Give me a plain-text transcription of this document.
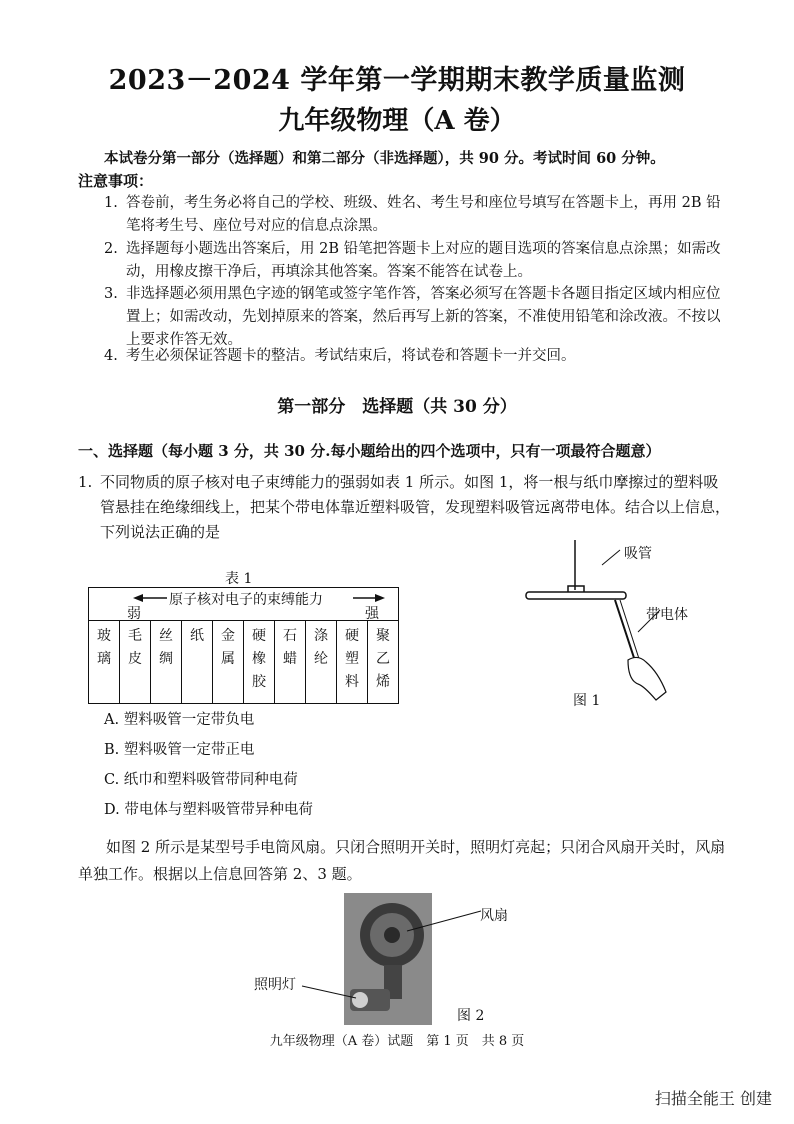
2023－2024 学年第一学期期末教学质量监测
九年级物理（A 卷）
本试卷分第一部分（选择题）和第二部分（非选择题），共 90 分。考试时间 60 分钟。
注意事项：
1. 答卷前，考生务必将自己的学校、班级、姓名、考生号和座位号填写在答题卡上，再用 2B 铅笔将考生号、座位号对应的信息点涂黑。
2. 选择题每小题选出答案后，用 2B 铅笔把答题卡上对应的题目选项的答案信息点涂黑；如需改动，用橡皮擦干净后，再填涂其他答案。答案不能答在试卷上。
3. 非选择题必须用黑色字迹的钢笔或签字笔作答，答案必须写在答题卡各题目指定区域内相应位置上；如需改动，先划掉原来的答案，然后再写上新的答案，不准使用铅笔和涂改液。不按以上要求作答无效。
4. 考生必须保证答题卡的整洁。考试结束后，将试卷和答题卡一并交回。
第一部分　选择题（共 30 分）
一、选择题（每小题 3 分，共 30 分.每小题给出的四个选项中，只有一项最符合题意）
1. 不同物质的原子核对电子束缚能力的强弱如表 1 所示。如图 1，将一根与纸巾摩擦过的塑料吸管悬挂在绝缘细线上，把某个带电体靠近塑料吸管，发现塑料吸管远离带电体。结合以上信息，下列说法正确的是
表 1
原子核对电子的束缚能力
弱	强

玻璃	毛皮	丝绸	纸	金属	硬橡胶	石蜡	涤纶	硬塑料	聚乙烯
吸管
带电体
图 1
A. 塑料吸管一定带负电
B. 塑料吸管一定带正电
C. 纸巾和塑料吸管带同种电荷
D. 带电体与塑料吸管带异种电荷
如图 2 所示是某型号手电筒风扇。只闭合照明开关时，照明灯亮起；只闭合风扇开关时，风扇单独工作。根据以上信息回答第 2、3 题。
风扇
照明灯
图 2
九年级物理（A 卷）试题　第 1 页　共 8 页
扫描全能王 创建
